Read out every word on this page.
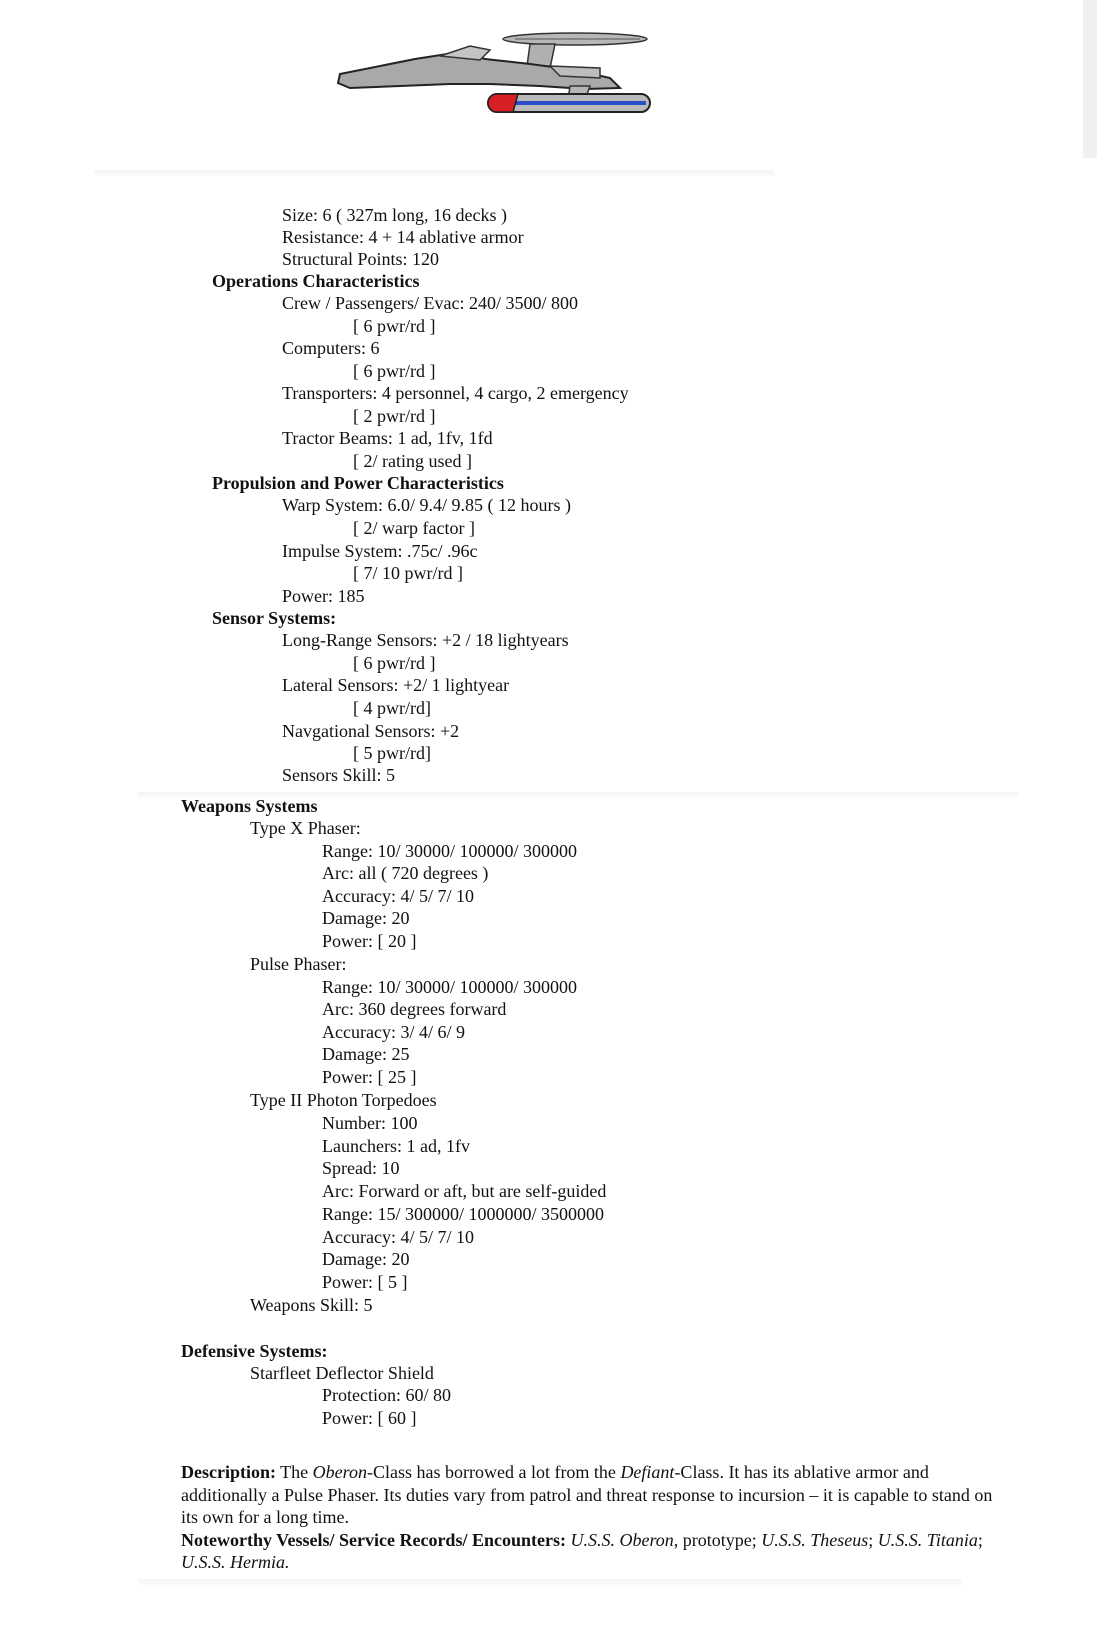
Size: 6 ( 327m long, 16 decks )
Resistance: 4 + 14 ablative armor
Structural Points: 120
Operations Characteristics
Crew / Passengers/ Evac: 240/ 3500/ 800
[ 6 pwr/rd ]
Computers: 6
[ 6 pwr/rd ]
Transporters: 4 personnel, 4 cargo, 2 emergency
[ 2 pwr/rd ]
Tractor Beams: 1 ad, 1fv, 1fd
[ 2/ rating used ]
Propulsion and Power Characteristics
Warp System: 6.0/ 9.4/ 9.85 ( 12 hours )
[ 2/ warp factor ]
Impulse System: .75c/ .96c
[ 7/ 10 pwr/rd ]
Power: 185
Sensor Systems:
Long-Range Sensors: +2 / 18 lightyears
[ 6 pwr/rd ]
Lateral Sensors: +2/ 1 lightyear
[ 4 pwr/rd]
Navgational Sensors: +2
[ 5 pwr/rd]
Sensors Skill: 5
Weapons Systems
Type X Phaser:
Range: 10/ 30000/ 100000/ 300000
Arc: all ( 720 degrees )
Accuracy: 4/ 5/ 7/ 10
Damage: 20
Power: [ 20 ]
Pulse Phaser:
Range: 10/ 30000/ 100000/ 300000
Arc: 360 degrees forward
Accuracy: 3/ 4/ 6/ 9
Damage: 25
Power: [ 25 ]
Type II Photon Torpedoes
Number: 100
Launchers: 1 ad, 1fv
Spread: 10
Arc: Forward or aft, but are self-guided
Range: 15/ 300000/ 1000000/ 3500000
Accuracy: 4/ 5/ 7/ 10
Damage: 20
Power: [ 5 ]
Weapons Skill: 5
Defensive Systems:
Starfleet Deflector Shield
Protection: 60/ 80
Power: [ 60 ]
Description: The Oberon-Class has borrowed a lot from the Defiant-Class. It has its ablative armor and additionally a Pulse Phaser. Its duties vary from patrol and threat response to incursion – it is capable to stand on its own for a long time.
Noteworthy Vessels/ Service Records/ Encounters: U.S.S. Oberon, prototype; U.S.S. Theseus; U.S.S. Titania; U.S.S. Hermia.
